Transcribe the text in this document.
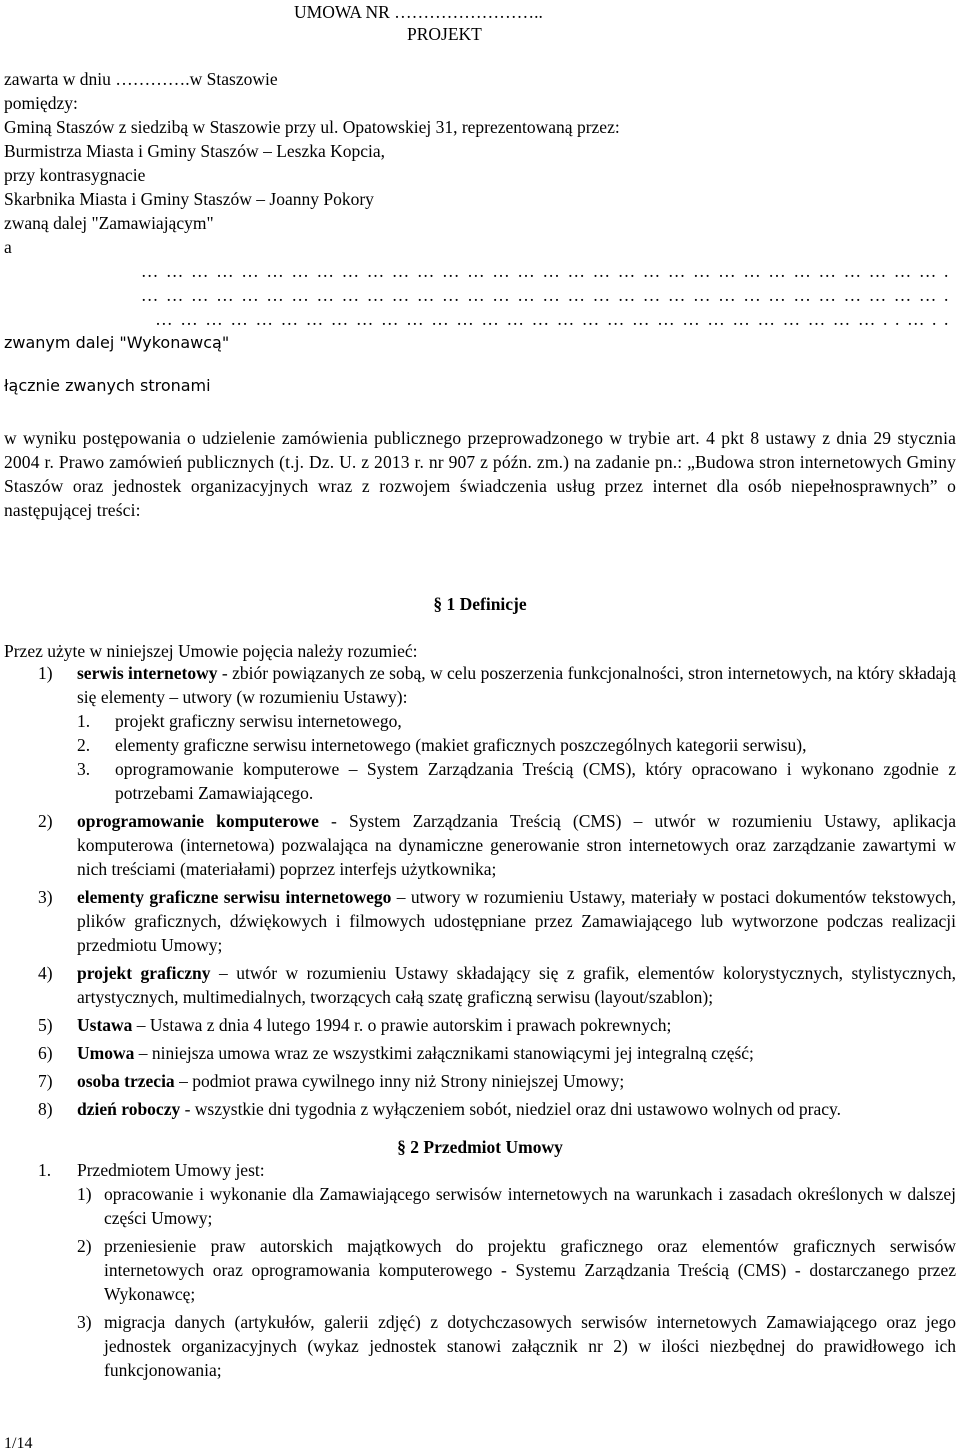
UMOWA NR ……………………..
PROJEKT
zawarta w dniu ………….w Staszowie
pomiędzy:
Gminą Staszów z siedzibą w Staszowie przy ul. Opatowskiej 31, reprezentowaną przez:
Burmistrza Miasta i Gminy Staszów – Leszka Kopcia,
przy kontrasygnacie
Skarbnika Miasta i Gminy Staszów – Joanny Pokory
zwaną dalej "Zamawiającym"
a
…………………………………………………………………………………….
…………………………………………………………………………………….
……………………………………………………………………………..…..
zwanym dalej "Wykonawcą"
łącznie zwanych stronami
w wyniku postępowania o udzielenie zamówienia publicznego przeprowadzonego w trybie art. 4 pkt 8 ustawy z dnia 29 stycznia 2004 r. Prawo zamówień publicznych (t.j. Dz. U. z 2013 r. nr 907 z późn. zm.) na zadanie pn.: „Budowa stron internetowych Gminy Staszów oraz jednostek organizacyjnych wraz z rozwojem świadczenia usług przez internet dla osób niepełnosprawnych” o następującej treści:
§ 1 Definicje
Przez użyte w niniejszej Umowie pojęcia należy rozumieć:
1) serwis internetowy - zbiór powiązanych ze sobą, w celu poszerzenia funkcjonalności, stron internetowych, na który składają się elementy – utwory (w rozumieniu Ustawy):
1. projekt graficzny serwisu internetowego,
2. elementy graficzne serwisu internetowego (makiet graficznych poszczególnych kategorii serwisu),
3. oprogramowanie komputerowe – System Zarządzania Treścią (CMS), który opracowano i wykonano zgodnie z potrzebami Zamawiającego.
2) oprogramowanie komputerowe - System Zarządzania Treścią (CMS) – utwór w rozumieniu Ustawy, aplikacja komputerowa (internetowa) pozwalająca na dynamiczne generowanie stron internetowych oraz zarządzanie zawartymi w nich treściami (materiałami) poprzez interfejs użytkownika;
3) elementy graficzne serwisu internetowego – utwory w rozumieniu Ustawy, materiały w postaci dokumentów tekstowych, plików graficznych, dźwiękowych i filmowych udostępniane przez Zamawiającego lub wytworzone podczas realizacji przedmiotu Umowy;
4) projekt graficzny – utwór w rozumieniu Ustawy składający się z grafik, elementów kolorystycznych, stylistycznych, artystycznych, multimedialnych, tworzących całą szatę graficzną serwisu (layout/szablon);
5) Ustawa – Ustawa z dnia 4 lutego 1994 r. o prawie autorskim i prawach pokrewnych;
6) Umowa – niniejsza umowa wraz ze wszystkimi załącznikami stanowiącymi jej integralną część;
7) osoba trzecia – podmiot prawa cywilnego inny niż Strony niniejszej Umowy;
8) dzień roboczy - wszystkie dni tygodnia z wyłączeniem sobót, niedziel oraz dni ustawowo wolnych od pracy.
§ 2 Przedmiot Umowy
1. Przedmiotem Umowy jest:
1) opracowanie i wykonanie dla Zamawiającego serwisów internetowych na warunkach i zasadach określonych w dalszej części Umowy;
2) przeniesienie praw autorskich majątkowych do projektu graficznego oraz elementów graficznych serwisów internetowych oraz oprogramowania komputerowego - Systemu Zarządzania Treścią (CMS) - dostarczanego przez Wykonawcę;
3) migracja danych (artykułów, galerii zdjęć) z dotychczasowych serwisów internetowych Zamawiającego oraz jego jednostek organizacyjnych (wykaz jednostek stanowi załącznik nr 2) w ilości niezbędnej do prawidłowego ich funkcjonowania;
1/14
